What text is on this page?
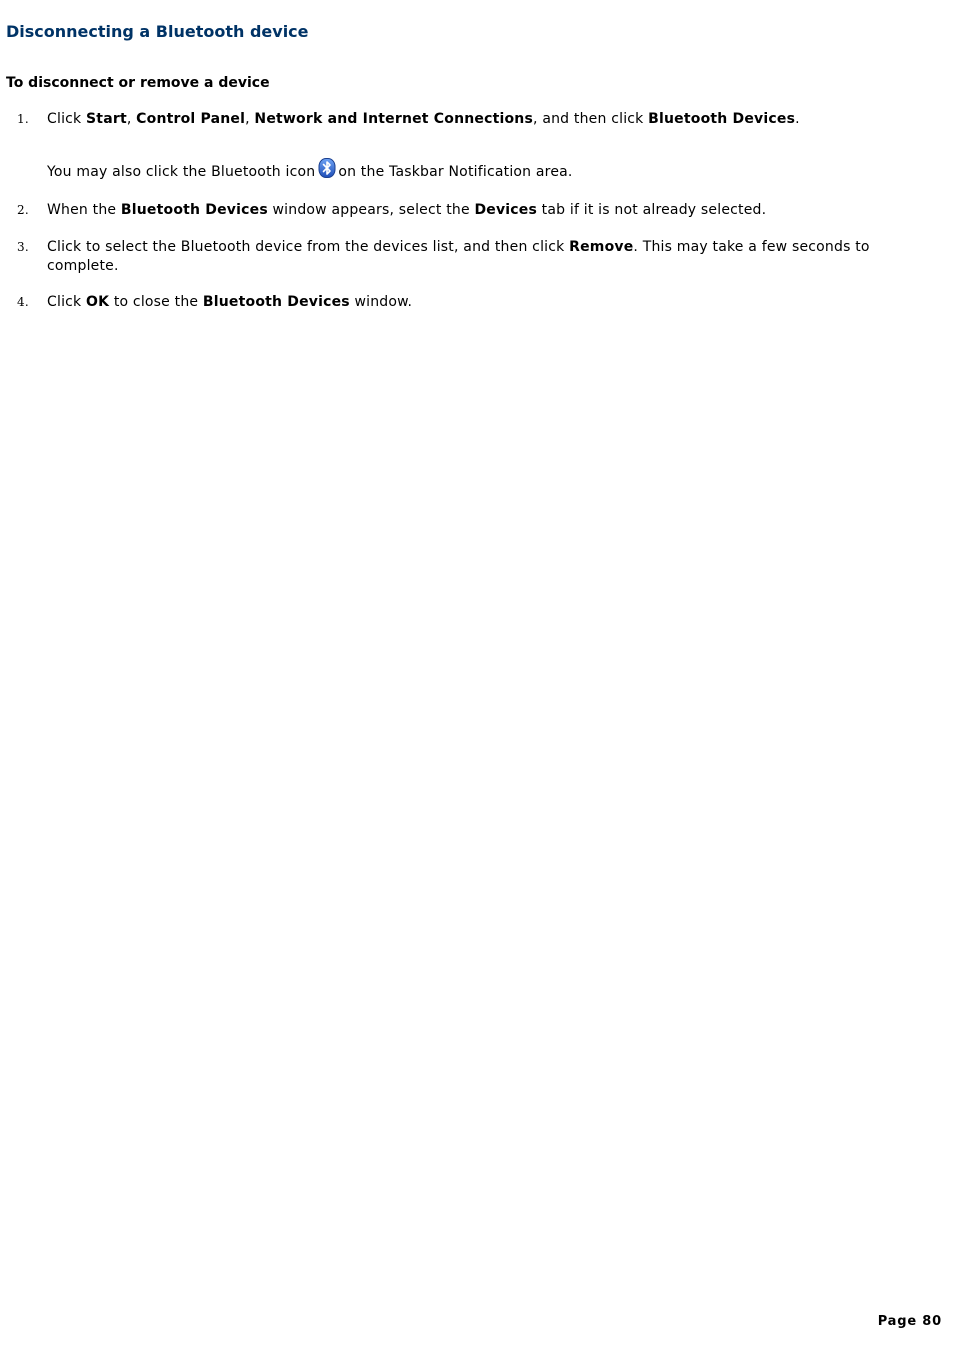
Disconnecting a Bluetooth device
To disconnect or remove a device
1. Click Start, Control Panel, Network and Internet Connections, and then click Bluetooth Devices.
You may also click the Bluetooth icon on the Taskbar Notification area.
2. When the Bluetooth Devices window appears, select the Devices tab if it is not already selected.
3. Click to select the Bluetooth device from the devices list, and then click Remove. This may take a few seconds to complete.
4. Click OK to close the Bluetooth Devices window.
Page 80
